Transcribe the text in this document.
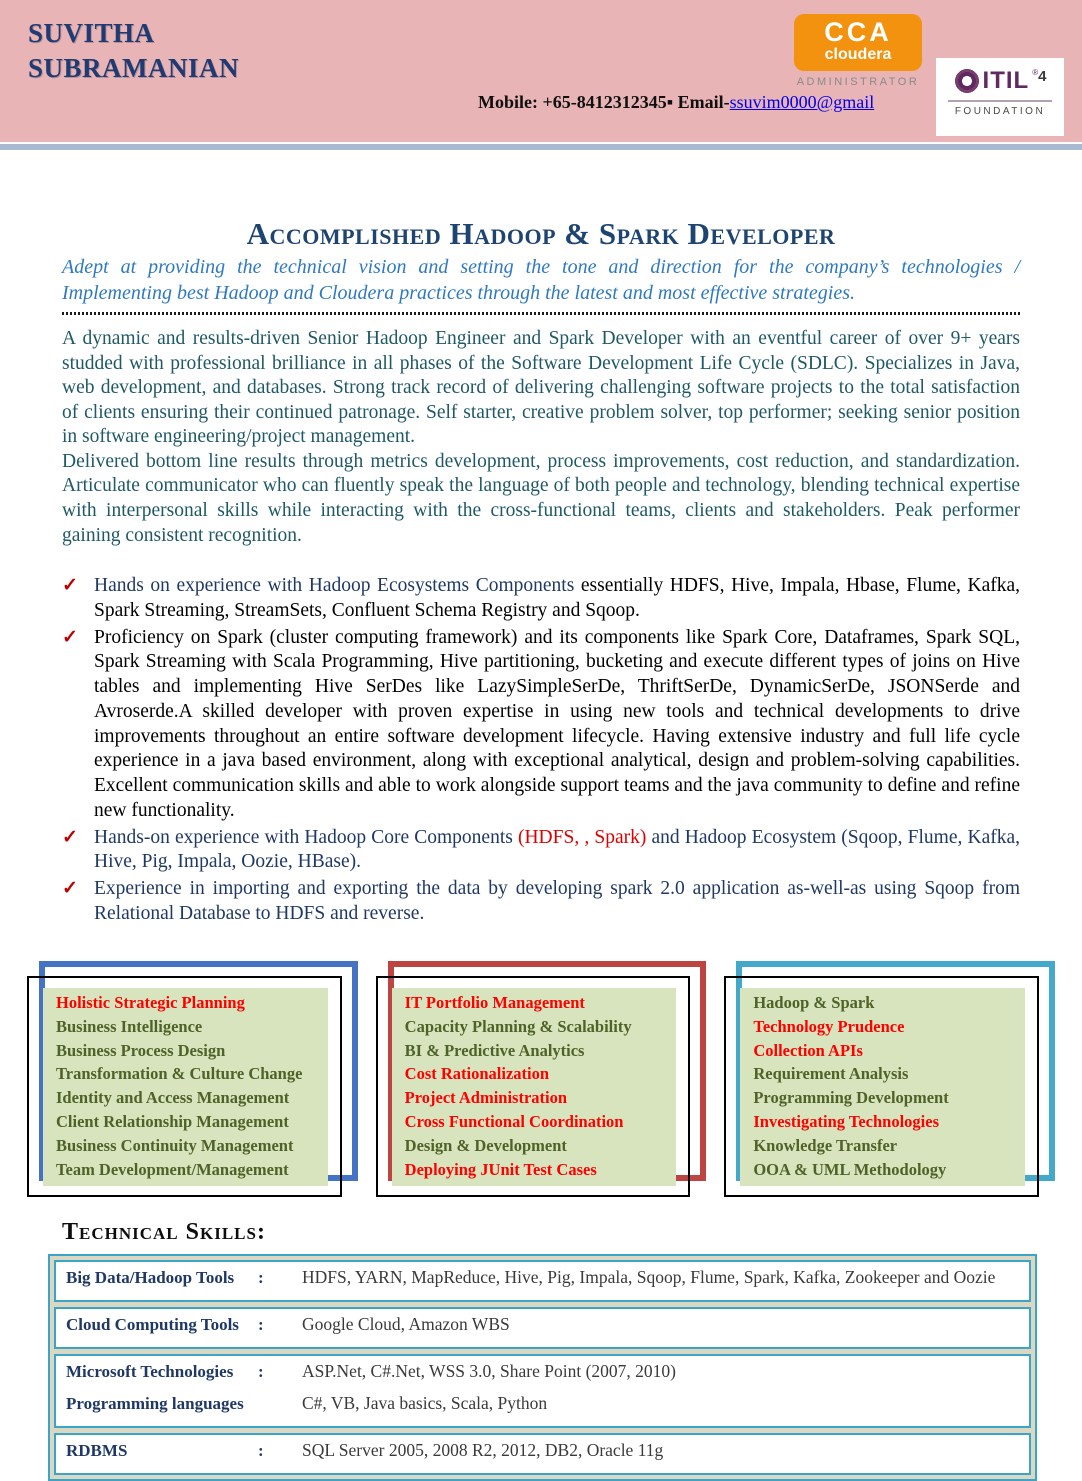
SUVITHA
SUBRAMANIAN
Mobile: +65-8412312345▪ Email-ssuvim0000@gmail
CCA
cloudera
ADMINISTRATOR	ITIL ® 4
FOUNDATION
Accomplished Hadoop & Spark Developer

Adept at providing the technical vision and setting the tone and direction for the company’s technologies / Implementing best Hadoop and Cloudera practices through the latest and most effective strategies.

A dynamic and results-driven Senior Hadoop Engineer and Spark Developer with an eventful career of over 9+ years studded with professional brilliance in all phases of the Software Development Life Cycle (SDLC). Specializes in Java, web development, and databases. Strong track record of delivering challenging software projects to the total satisfaction of clients ensuring their continued patronage. Self starter, creative problem solver, top performer; seeking senior position in software engineering/project management.

Delivered bottom line results through metrics development, process improvements, cost reduction, and standardization. Articulate communicator who can fluently speak the language of both people and technology, blending technical expertise with interpersonal skills while interacting with the cross-functional teams, clients and stakeholders. Peak performer gaining consistent recognition.

✓ Hands on experience with Hadoop Ecosystems Components essentially HDFS, Hive, Impala, Hbase, Flume, Kafka, Spark Streaming, StreamSets, Confluent Schema Registry and Sqoop.
✓ Proficiency on Spark (cluster computing framework) and its components like Spark Core, Dataframes, Spark SQL, Spark Streaming with Scala Programming, Hive partitioning, bucketing and execute different types of joins on Hive tables and implementing Hive SerDes like LazySimpleSerDe, ThriftSerDe, DynamicSerDe, JSONSerde and Avroserde.A skilled developer with proven expertise in using new tools and technical developments to drive improvements throughout an entire software development lifecycle. Having extensive industry and full life cycle experience in a java based environment, along with exceptional analytical, design and problem-solving capabilities. Excellent communication skills and able to work alongside support teams and the java community to define and refine new functionality.
✓ Hands-on experience with Hadoop Core Components (HDFS, , Spark) and Hadoop Ecosystem (Sqoop, Flume, Kafka, Hive, Pig, Impala, Oozie, HBase).
✓ Experience in importing and exporting the data by developing spark 2.0 application as-well-as using Sqoop from Relational Database to HDFS and reverse.
Holistic Strategic Planning
Business Intelligence
Business Process Design
Transformation & Culture Change
Identity and Access Management
Client Relationship Management
Business Continuity Management
Team Development/Management
IT Portfolio Management
Capacity Planning & Scalability
BI & Predictive Analytics
Cost Rationalization
Project Administration
Cross Functional Coordination
Design & Development
Deploying JUnit Test Cases
Hadoop & Spark
Technology Prudence
Collection APIs
Requirement Analysis
Programming Development
Investigating Technologies
Knowledge Transfer
OOA & UML Methodology
Technical Skills:
Big Data/Hadoop Tools	:	HDFS, YARN, MapReduce, Hive, Pig, Impala, Sqoop, Flume, Spark, Kafka, Zookeeper and Oozie
Cloud Computing Tools	:	Google Cloud, Amazon WBS
Microsoft Technologies	:	ASP.Net, C#.Net, WSS 3.0, Share Point (2007, 2010)
Programming languages	C#, VB, Java basics, Scala, Python
RDBMS	:	SQL Server 2005, 2008 R2, 2012, DB2, Oracle 11g
